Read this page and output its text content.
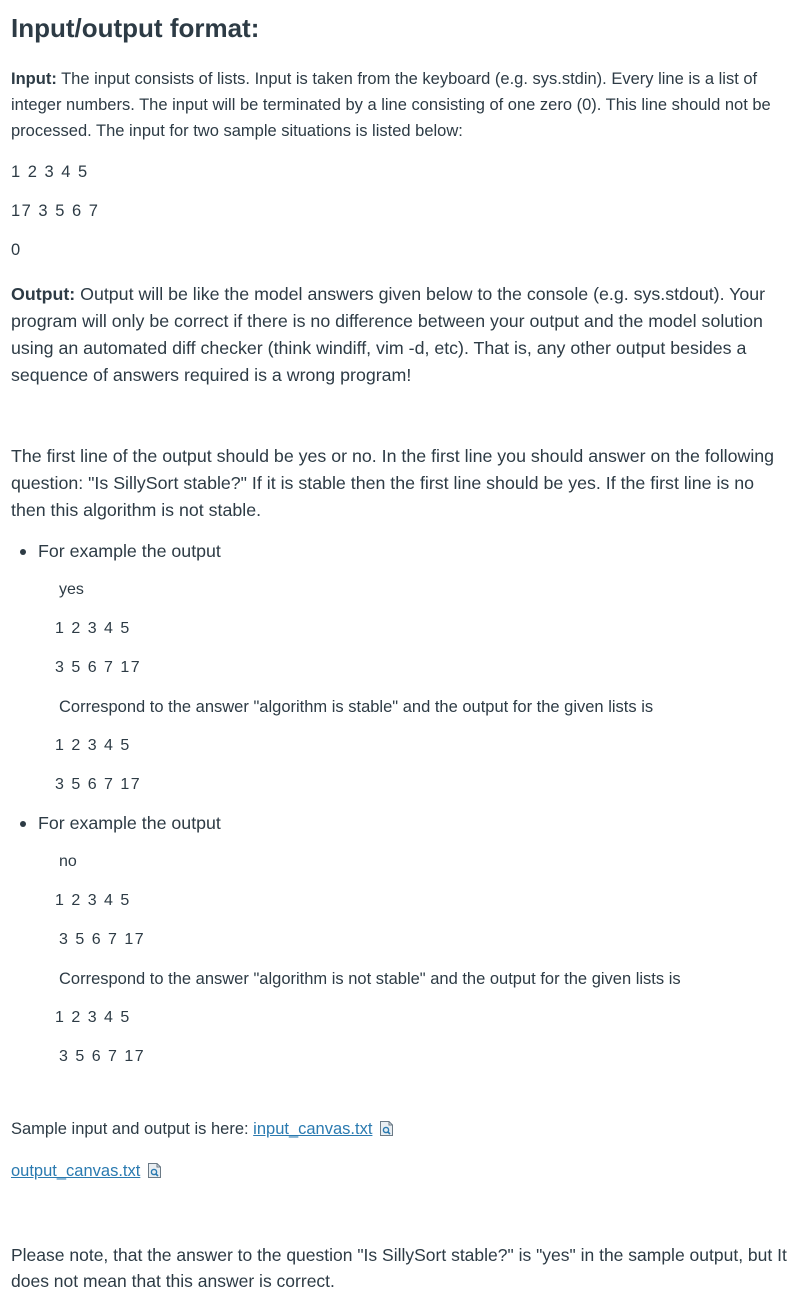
Input/output format:

Input: The input consists of lists. Input is taken from the keyboard (e.g. sys.stdin). Every line is a list of integer numbers. The input will be terminated by a line consisting of one zero (0). This line should not be processed. The input for two sample situations is listed below:

1 2 3 4 5

17 3 5 6 7

0

Output: Output will be like the model answers given below to the console (e.g. sys.stdout). Your program will only be correct if there is no difference between your output and the model solution using an automated diff checker (think windiff, vim -d, etc). That is, any other output besides a sequence of answers required is a wrong program!

The first line of the output should be yes or no. In the first line you should answer on the following question: "Is SillySort stable?" If it is stable then the first line should be yes. If the first line is no then this algorithm is not stable.

For example the output

yes

1 2 3 4 5

3 5 6 7 17

Correspond to the answer "algorithm is stable" and the output for the given lists is

1 2 3 4 5

3 5 6 7 17

For example the output

no

1 2 3 4 5

3 5 6 7 17

Correspond to the answer "algorithm is not stable" and the output for the given lists is

1 2 3 4 5

3 5 6 7 17

Sample input and output is here: input_canvas.txt

output_canvas.txt

Please note, that the answer to the question "Is SillySort stable?" is "yes" in the sample output, but It does not mean that this answer is correct.
